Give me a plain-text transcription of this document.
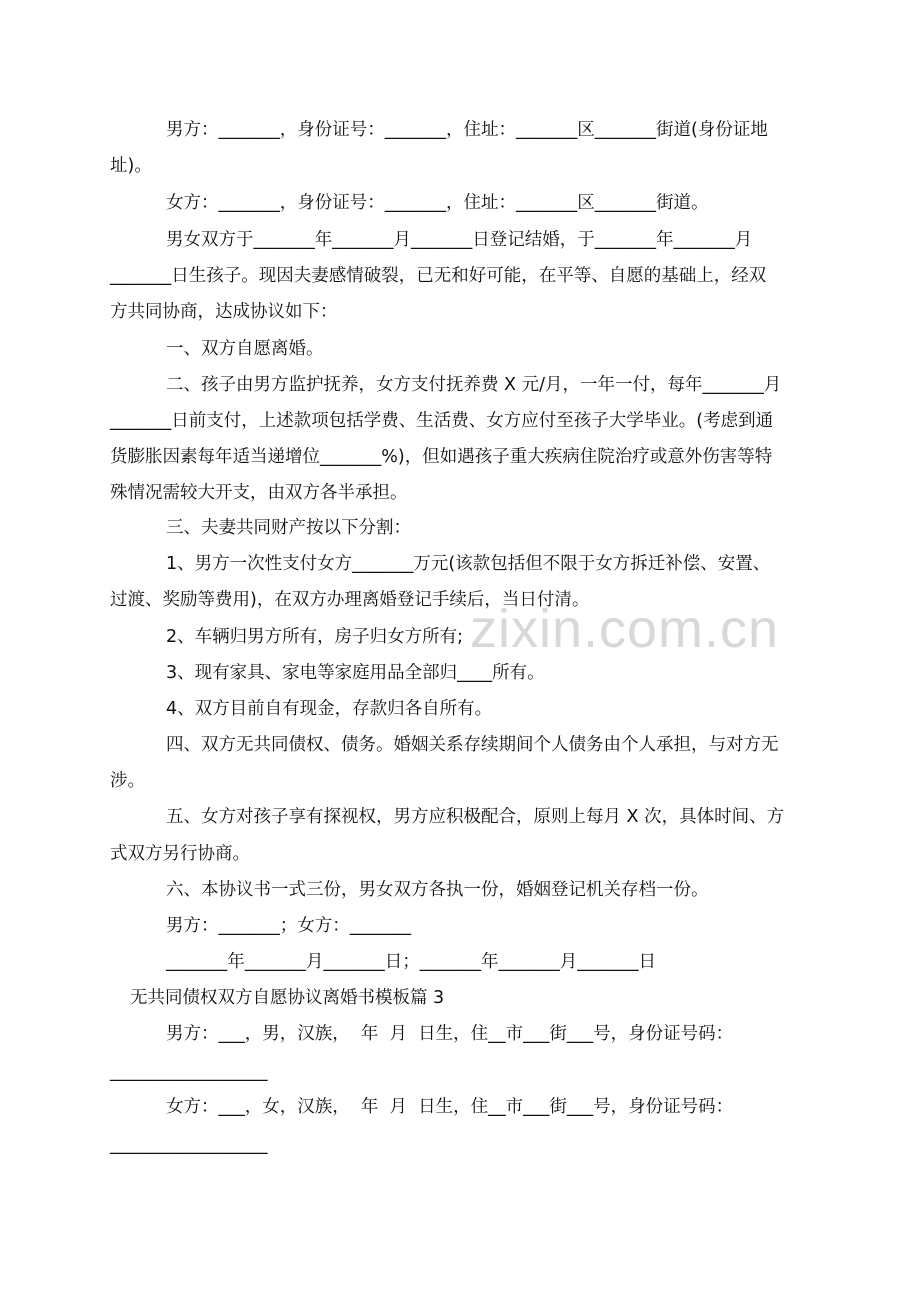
zixin.com.cn
男方：_______，身份证号：_______，住址：_______区_______街道(身份证地
址)。
女方：_______，身份证号：_______，住址：_______区_______街道。
男女双方于_______年_______月_______日登记结婚，于_______年_______月
_______日生孩子。现因夫妻感情破裂，已无和好可能，在平等、自愿的基础上，经双
方共同协商，达成协议如下：
一、双方自愿离婚。
二、孩子由男方监护抚养，女方支付抚养费 X 元/月，一年一付，每年_______月
_______日前支付，上述款项包括学费、生活费、女方应付至孩子大学毕业。(考虑到通
货膨胀因素每年适当递增位_______%)，但如遇孩子重大疾病住院治疗或意外伤害等特
殊情况需较大开支，由双方各半承担。
三、夫妻共同财产按以下分割：
1、男方一次性支付女方_______万元(该款包括但不限于女方拆迁补偿、安置、
过渡、奖励等费用)，在双方办理离婚登记手续后，当日付清。
2、车辆归男方所有，房子归女方所有;
3、现有家具、家电等家庭用品全部归____所有。
4、双方目前自有现金，存款归各自所有。
四、双方无共同债权、债务。婚姻关系存续期间个人债务由个人承担，与对方无
涉。
五、女方对孩子享有探视权，男方应积极配合，原则上每月 X 次，具体时间、方
式双方另行协商。
六、本协议书一式三份，男女双方各执一份，婚姻登记机关存档一份。
男方：_______；女方：_______
_______年_______月_______日；_______年_______月_______日
无共同债权双方自愿协议离婚书模板篇 3
男方：___，男，汉族，  年  月  日生，住__市___街___号，身份证号码：
__________________
女方：___，女，汉族，  年  月  日生，住__市___街___号，身份证号码：
__________________
